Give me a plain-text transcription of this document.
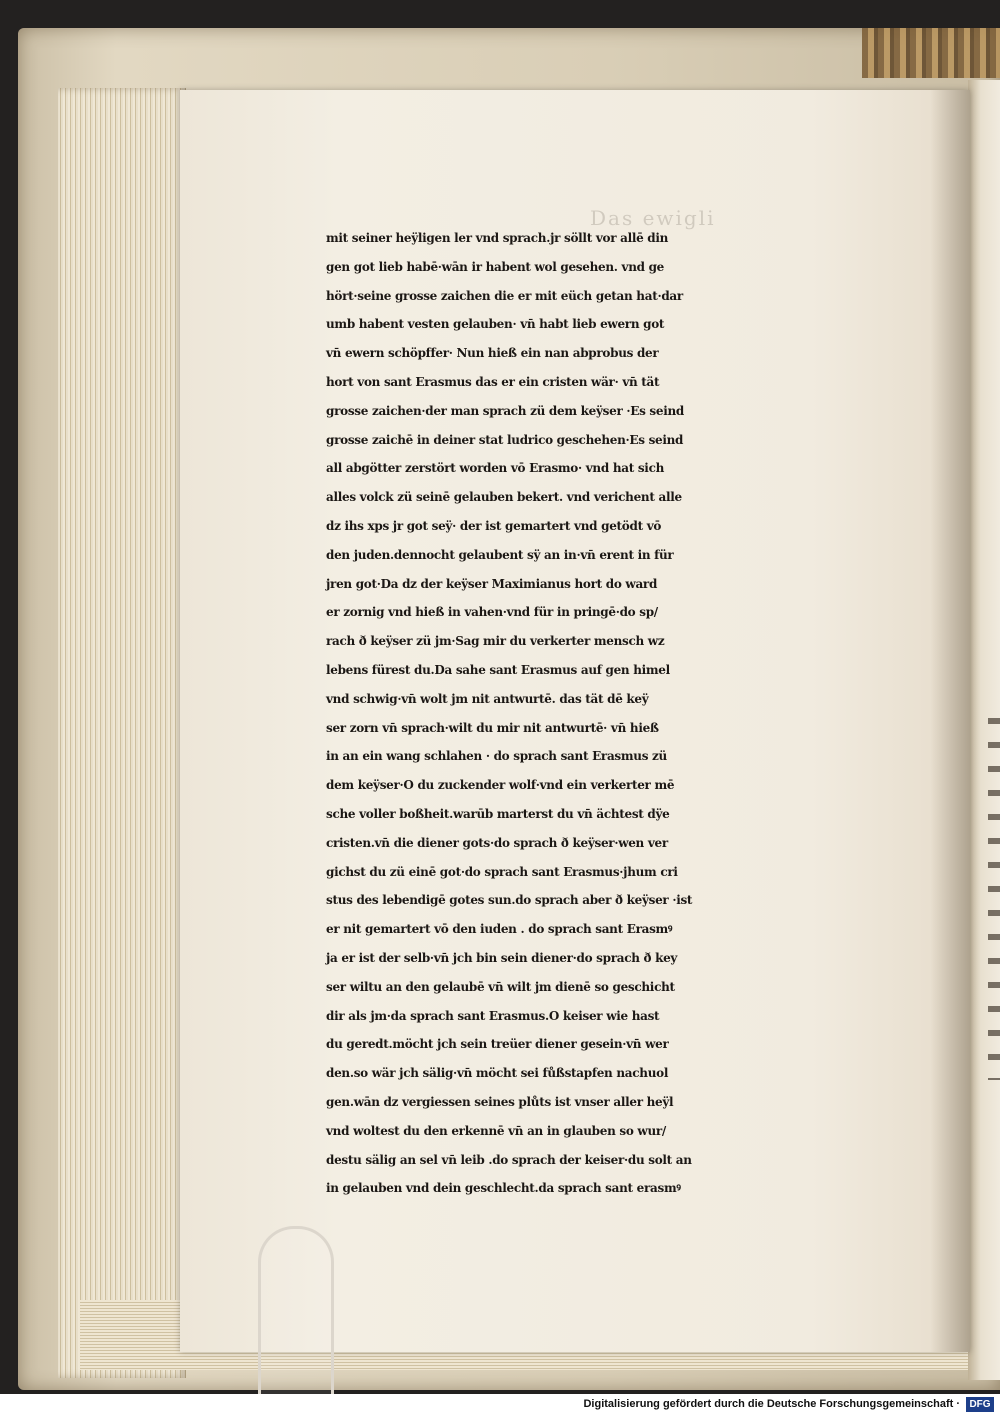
Das ewigli
mit seiner heÿligen ler vnd sprach.jr söllt vor allē din
gen got lieb habē·wān ir habent wol gesehen. vnd ge
hört·seine grosse zaichen die er mit eüch getan hat·dar
umb habent vesten gelauben· vn̄ habt lieb ewern got
vn̄ ewern schöpffer· Nun hieß ein nan abprobus der
hort von sant Erasmus das er ein cristen wär· vn̄ tät
grosse zaichen·der man sprach zü dem keÿser ·Es seind
grosse zaichē in deiner stat ludrico geschehen·Es seind
all abgötter zerstört worden vō Erasmo· vnd hat sich
alles volck zü seinē gelauben bekert. vnd verichent alle
dz ihs xps jr got seÿ· der ist gemartert vnd getödt vō
den juden.dennocht gelaubent sÿ an in·vn̄ erent in für
jren got·Da dz der keÿser Maximianus hort do ward
er zornig vnd hieß in vahen·vnd für in pringē·do sp/
rach ð keÿser zü jm·Sag mir du verkerter mensch wz
lebens fürest du.Da sahe sant Erasmus auf gen himel
vnd schwig·vn̄ wolt jm nit antwurtē. das tät dē keÿ
ser zorn vn̄ sprach·wilt du mir nit antwurtē· vn̄ hieß
in an ein wang schlahen · do sprach sant Erasmus zü
dem keÿser·O du zuckender wolf·vnd ein verkerter mē
sche voller boßheit.warūb marterst du vn̄ ächtest dÿe
cristen.vn̄ die diener gots·do sprach ð keÿser·wen ver
gichst du zü einē got·do sprach sant Erasmus·jhum cri
stus des lebendigē gotes sun.do sprach aber ð keÿser ·ist
er nit gemartert vō den iuden . do sprach sant Erasmꝰ
ja er ist der selb·vn̄ jch bin sein diener·do sprach ð key
ser wiltu an den gelaubē vn̄ wilt jm dienē so geschicht
dir als jm·da sprach sant Erasmus.O keiser wie hast
du geredt.möcht jch sein treüer diener gesein·vn̄ wer
den.so wär jch sälig·vn̄ möcht sei fůßstapfen nachuol
gen.wān dz vergiessen seines plůts ist vnser aller heÿl
vnd woltest du den erkennē vn̄ an in glauben so wur/
destu sälig an sel vn̄ leib .do sprach der keiser·du solt an
in gelauben vnd dein geschlecht.da sprach sant erasmꝰ
Digitalisierung gefördert durch die Deutsche Forschungsgemeinschaft · DFG
